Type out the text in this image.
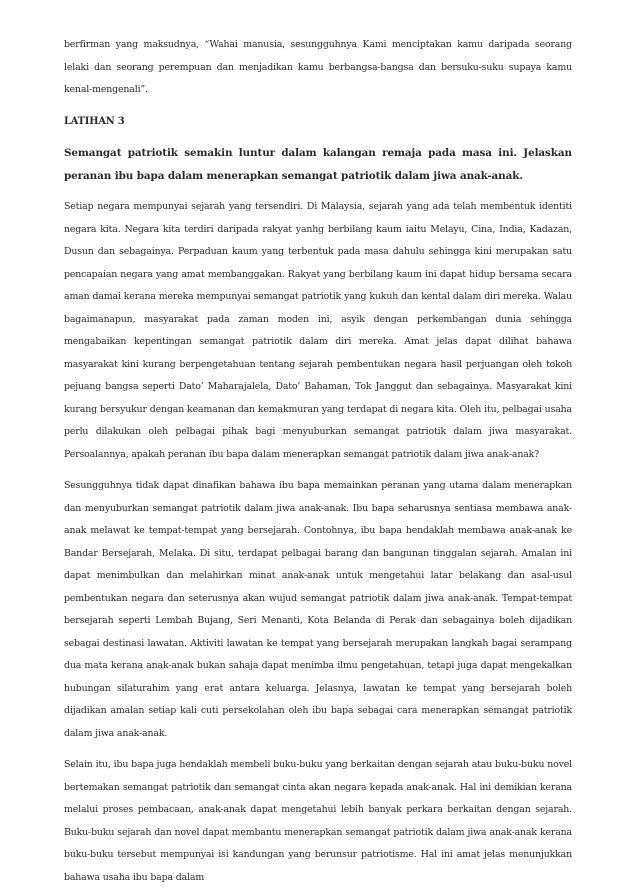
berfirman yang maksudnya, “Wahai manusia, sesungguhnya Kami menciptakan kamu daripada seorang lelaki dan seorang perempuan dan menjadikan kamu berbangsa-bangsa dan bersuku-suku supaya kamu kenal-mengenali”.

LATIHAN 3

Semangat patriotik semakin luntur dalam kalangan remaja pada masa ini. Jelaskan peranan ibu bapa dalam menerapkan semangat patriotik dalam jiwa anak-anak.

Setiap negara mempunyai sejarah yang tersendiri. Di Malaysia, sejarah yang ada telah membentuk identiti negara kita. Negara kita terdiri daripada rakyat yanhg berbilang kaum iaitu Melayu, Cina, India, Kadazan, Dusun dan sebagainya. Perpaduan kaum yang terbentuk pada masa dahulu sehingga kini merupakan satu pencapaian negara yang amat membanggakan. Rakyat yang berbilang kaum ini dapat hidup bersama secara aman damai kerana mereka mempunyai semangat patriotik yang kukuh dan kental dalam diri mereka. Walau bagaimanapun, masyarakat pada zaman moden ini, asyik dengan perkembangan dunia sehingga mengabaikan kepentingan semangat patriotik dalam diri mereka. Amat jelas dapat dilihat bahawa masyarakat kini kurang berpengetahuan tentang sejarah pembentukan negara hasil perjuangan oleh tokoh pejuang bangsa seperti Dato’ Maharajalela, Dato’ Bahaman, Tok Janggut dan sebagainya. Masyarakat kini kurang bersyukur dengan keamanan dan kemakmuran yang terdapat di negara kita. Oleh itu, pelbagai usaha perlu dilakukan oleh pelbagai pihak bagi menyuburkan semangat patriotik dalam jiwa masyarakat. Persoalannya, apakah peranan ibu bapa dalam menerapkan semangat patriotik dalam jiwa anak-anak?

Sesungguhnya tidak dapat dinafikan bahawa ibu bapa memainkan peranan yang utama dalam menerapkan dan menyuburkan semangat patriotik dalam jiwa anak-anak. Ibu bapa seharusnya sentiasa membawa anak-anak melawat ke tempat-tempat yang bersejarah. Contohnya, ibu bapa hendaklah membawa anak-anak ke Bandar Bersejarah, Melaka. Di situ, terdapat pelbagai barang dan bangunan tinggalan sejarah. Amalan ini dapat menimbulkan dan melahirkan minat anak-anak untuk mengetahui latar belakang dan asal-usul pembentukan negara dan seterusnya akan wujud semangat patriotik dalam jiwa anak-anak. Tempat-tempat bersejarah seperti Lembah Bujang, Seri Menanti, Kota Belanda di Perak dan sebagainya boleh dijadikan sebagai destinasi lawatan. Aktiviti lawatan ke tempat yang bersejarah merupakan langkah bagai serampang dua mata kerana anak-anak bukan sahaja dapat menimba ilmu pengetahuan, tetapi juga dapat mengekalkan hubungan silaturahim yang erat antara keluarga. Jelasnya, lawatan ke tempat yang bersejarah boleh dijadikan amalan setiap kali cuti persekolahan oleh ibu bapa sebagai cara menerapkan semangat patriotik dalam jiwa anak-anak.

Selain itu, ibu bapa juga hendaklah membeli buku-buku yang berkaitan dengan sejarah atau buku-buku novel bertemakan semangat patriotik dan semangat cinta akan negara kepada anak-anak. Hal ini demikian kerana melalui proses pembacaan, anak-anak dapat mengetahui lebih banyak perkara berkaitan dengan sejarah. Buku-buku sejarah dan novel dapat membantu menerapkan semangat patriotik dalam jiwa anak-anak kerana buku-buku tersebut mempunyai isi kandungan yang berunsur patriotisme. Hal ini amat jelas menunjukkan bahawa usaha ibu bapa dalam
